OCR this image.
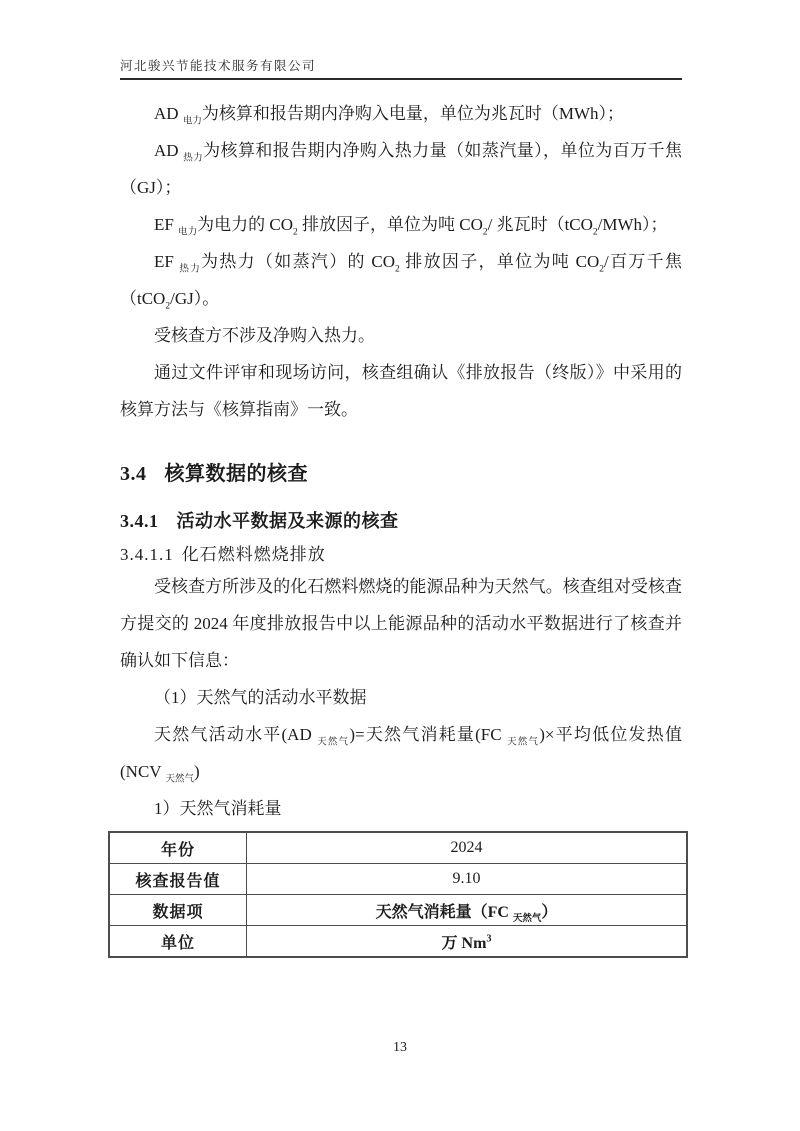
河北骏兴节能技术服务有限公司

AD $_{电力}$为核算和报告期内净购入电量，单位为兆瓦时（MWh）；

AD $_{热力}$为核算和报告期内净购入热力量（如蒸汽量），单位为百万千焦（GJ）；

EF $_{电力}$为电力的 $CO_2$ 排放因子，单位为吨 $CO_2/$ 兆瓦时（tCO$_2$/MWh）；

EF $_{热力}$为热力（如蒸汽）的 $CO_2$ 排放因子，单位为吨 $CO_2/$百万千焦（tCO$_2$/GJ）。

受核查方不涉及净购入热力。

通过文件评审和现场访问，核查组确认《排放报告（终版）》中采用的核算方法与《核算指南》一致。

3.4 核算数据的核查
3.4.1 活动水平数据及来源的核查
3.4.1.1 化石燃料燃烧排放

受核查方所涉及的化石燃料燃烧的能源品种为天然气。核查组对受核查方提交的 2024 年度排放报告中以上能源品种的活动水平数据进行了核查并确认如下信息：

（1）天然气的活动水平数据

天然气活动水平(AD $_{天然气}$)=天然气消耗量(FC $_{天然气}$)×平均低位发热值(NCV $_{天然气}$)

1）天然气消耗量

年份	2024
核查报告值	9.10
数据项	天然气消耗量（FC $_{天然气}$）
单位	万 Nm$^3$
13
